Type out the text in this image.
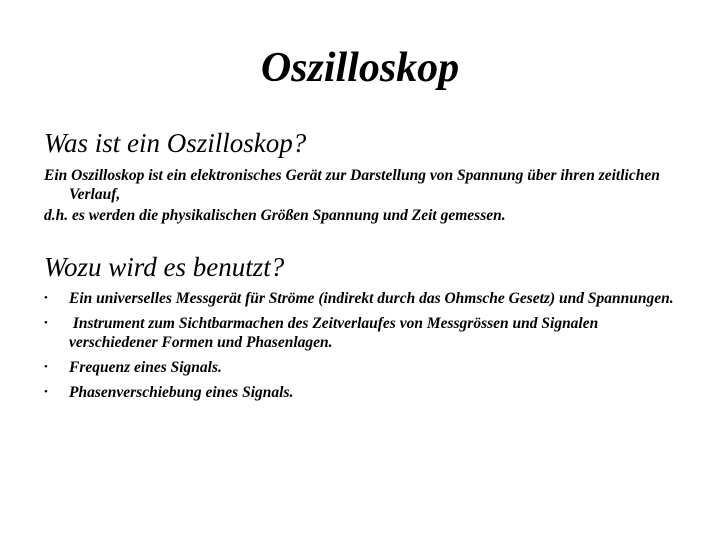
Oszilloskop
Was ist ein Oszilloskop?
Ein Oszilloskop ist ein elektronisches Gerät zur Darstellung von Spannung über ihren zeitlichen Verlauf,
d.h. es werden die physikalischen Größen Spannung und Zeit gemessen.
Wozu wird es benutzt?
• Ein universelles Messgerät für Ströme (indirekt durch das Ohmsche Gesetz) und Spannungen.
• Instrument zum Sichtbarmachen des Zeitverlaufes von Messgrössen und Signalen verschiedener Formen und Phasenlagen.
• Frequenz eines Signals.
• Phasenverschiebung eines Signals.
